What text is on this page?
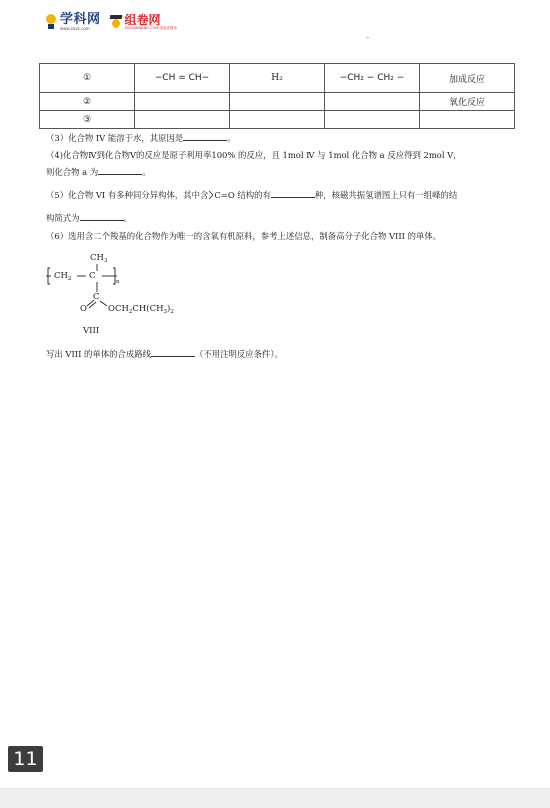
学科网
www.zxxk.com
组卷网
ZUJUANWANG.COM 组卷更简单
①	−CH = CH−	H₂	−CH₂ − CH₂ −	加成反应
②				氧化反应
③				
（3）化合物 IV 能溶于水，其原因是	。
（4)化合物Ⅳ到化合物Ⅴ的反应是原子利用率100% 的反应，且 1mol Ⅳ 与 1mol 化合物 a 反应得到 2mol Ⅴ，
则化合物 a 为	。
（5）化合物 VI 有多种同分异构体，其中含 C=O 结构的有	种，核磁共振氢谱图上只有一组峰的结
构简式为	。
（6）选用含二个羧基的化合物作为唯一的含氧有机原料，参考上述信息，制备高分子化合物 VIII 的单体。
$CH_3$
$CH_2$ C
n
C
O $OCH_2CH(CH_3)_2$
VIII
写出 VIII 的单体的合成路线	（不用注明反应条件）。
11
